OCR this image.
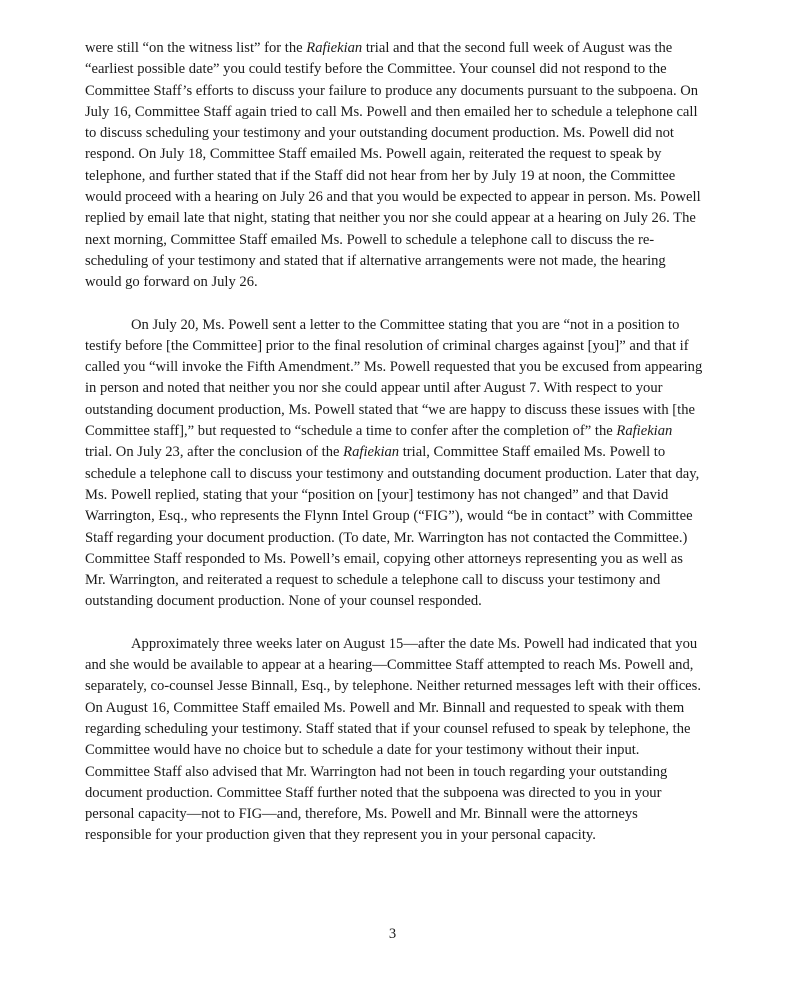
were still “on the witness list” for the Rafiekian trial and that the second full week of August was the “earliest possible date” you could testify before the Committee. Your counsel did not respond to the Committee Staff’s efforts to discuss your failure to produce any documents pursuant to the subpoena. On July 16, Committee Staff again tried to call Ms. Powell and then emailed her to schedule a telephone call to discuss scheduling your testimony and your outstanding document production. Ms. Powell did not respond. On July 18, Committee Staff emailed Ms. Powell again, reiterated the request to speak by telephone, and further stated that if the Staff did not hear from her by July 19 at noon, the Committee would proceed with a hearing on July 26 and that you would be expected to appear in person. Ms. Powell replied by email late that night, stating that neither you nor she could appear at a hearing on July 26. The next morning, Committee Staff emailed Ms. Powell to schedule a telephone call to discuss the re-scheduling of your testimony and stated that if alternative arrangements were not made, the hearing would go forward on July 26.

On July 20, Ms. Powell sent a letter to the Committee stating that you are “not in a position to testify before [the Committee] prior to the final resolution of criminal charges against [you]” and that if called you “will invoke the Fifth Amendment.” Ms. Powell requested that you be excused from appearing in person and noted that neither you nor she could appear until after August 7. With respect to your outstanding document production, Ms. Powell stated that “we are happy to discuss these issues with [the Committee staff],” but requested to “schedule a time to confer after the completion of” the Rafiekian trial. On July 23, after the conclusion of the Rafiekian trial, Committee Staff emailed Ms. Powell to schedule a telephone call to discuss your testimony and outstanding document production. Later that day, Ms. Powell replied, stating that your “position on [your] testimony has not changed” and that David Warrington, Esq., who represents the Flynn Intel Group (“FIG”), would “be in contact” with Committee Staff regarding your document production. (To date, Mr. Warrington has not contacted the Committee.) Committee Staff responded to Ms. Powell’s email, copying other attorneys representing you as well as Mr. Warrington, and reiterated a request to schedule a telephone call to discuss your testimony and outstanding document production. None of your counsel responded.

Approximately three weeks later on August 15—after the date Ms. Powell had indicated that you and she would be available to appear at a hearing—Committee Staff attempted to reach Ms. Powell and, separately, co-counsel Jesse Binnall, Esq., by telephone. Neither returned messages left with their offices. On August 16, Committee Staff emailed Ms. Powell and Mr. Binnall and requested to speak with them regarding scheduling your testimony. Staff stated that if your counsel refused to speak by telephone, the Committee would have no choice but to schedule a date for your testimony without their input. Committee Staff also advised that Mr. Warrington had not been in touch regarding your outstanding document production. Committee Staff further noted that the subpoena was directed to you in your personal capacity—not to FIG—and, therefore, Ms. Powell and Mr. Binnall were the attorneys responsible for your production given that they represent you in your personal capacity.

3
